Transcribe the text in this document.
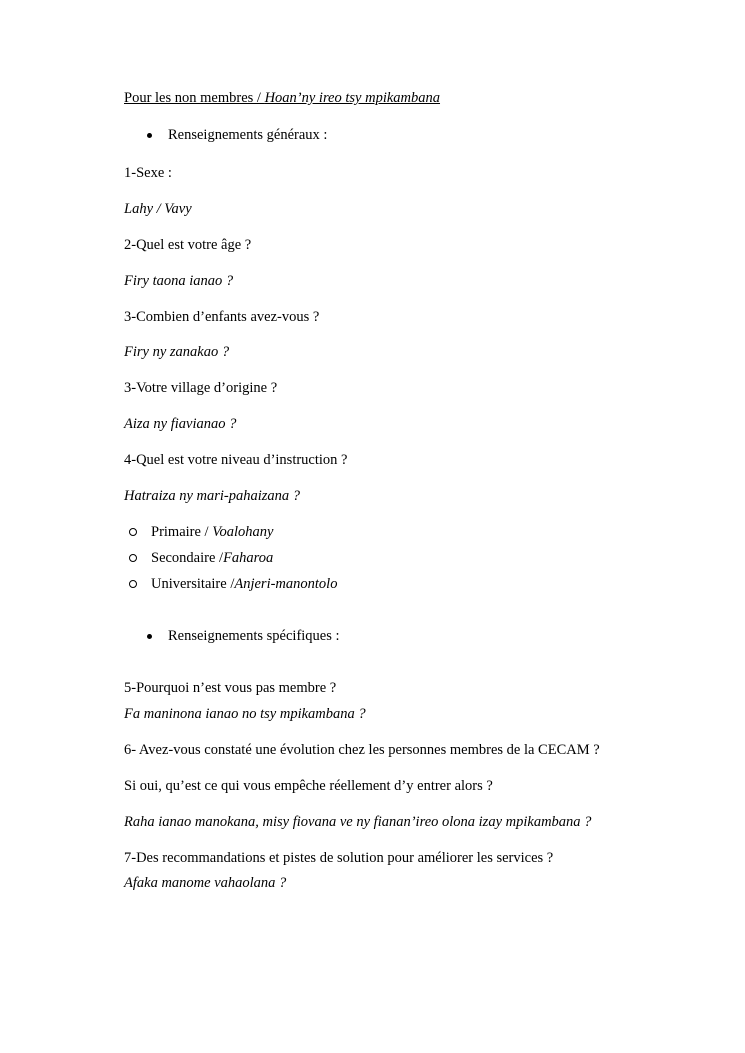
Pour les non membres / Hoan’ny ireo tsy mpikambana
Renseignements généraux :
1-Sexe :
Lahy / Vavy
2-Quel est votre âge ?
Firy taona ianao ?
3-Combien d’enfants avez-vous ?
Firy ny zanakao ?
3-Votre village d’origine ?
Aiza ny fiavianao ?
4-Quel est votre niveau d’instruction ?
Hatraiza ny mari-pahaizana ?
Primaire / Voalohany
Secondaire /Faharoa
Universitaire /Anjeri-manontolo
Renseignements spécifiques :
5-Pourquoi n’est vous pas membre ?
Fa maninona ianao no tsy mpikambana ?
6- Avez-vous constaté une évolution chez les personnes membres de la CECAM ?
Si oui, qu’est ce qui vous empêche réellement d’y entrer alors ?
Raha ianao manokana, misy fiovana ve ny fianan’ireo olona izay mpikambana ?
7-Des recommandations et pistes de solution pour améliorer les services ?
Afaka manome vahaolana ?
